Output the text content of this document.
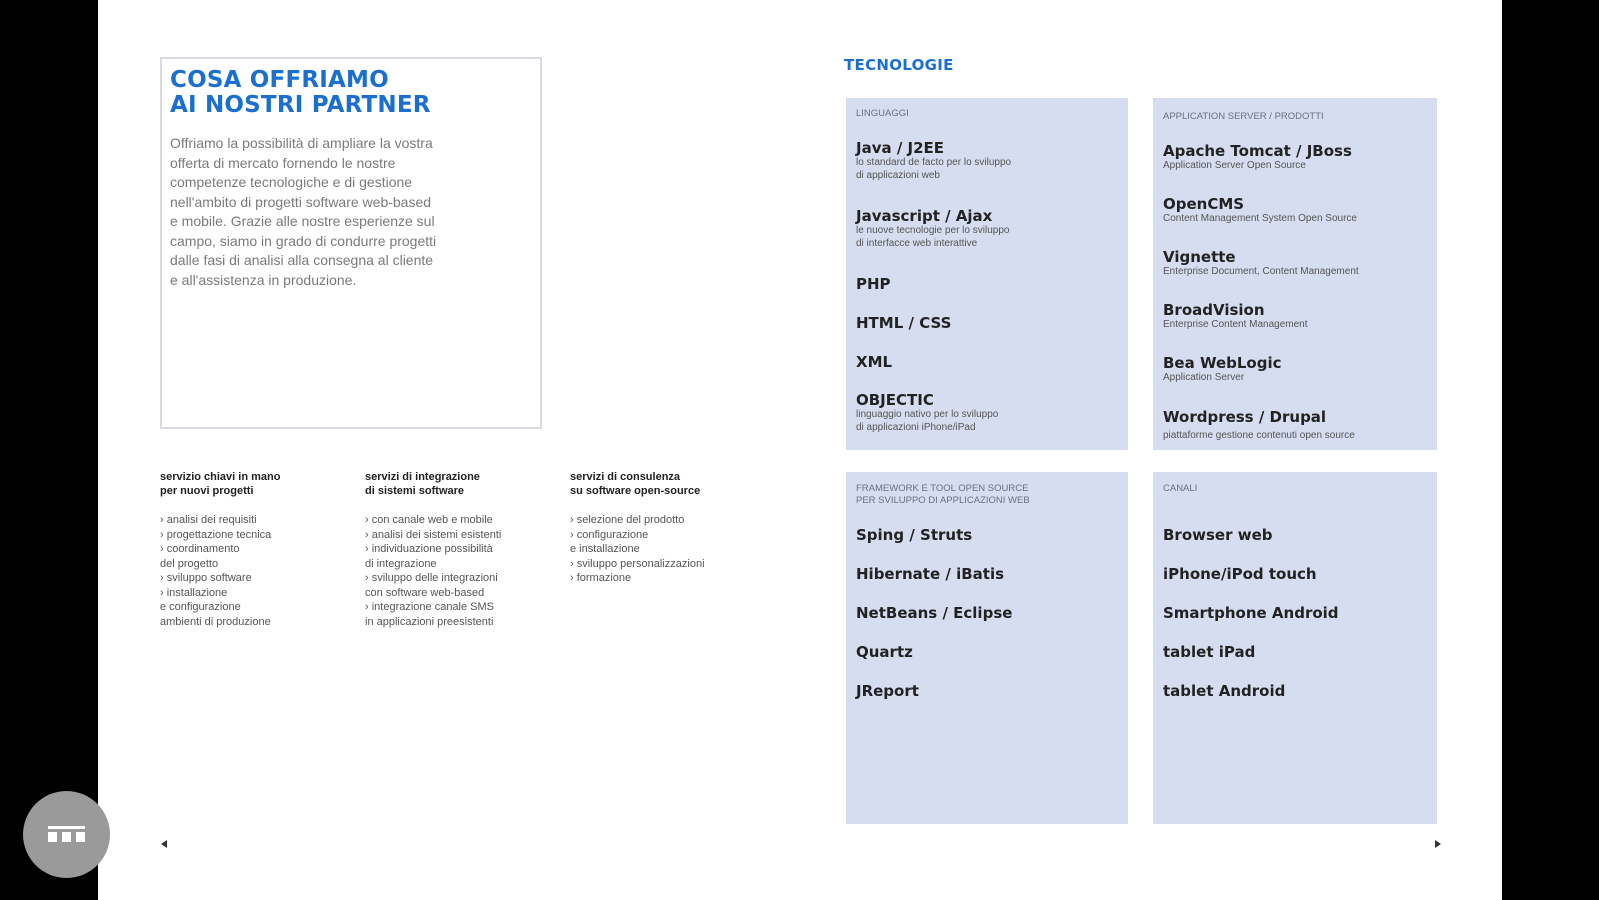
COSA OFFRIAMO
AI NOSTRI PARTNER
Offriamo la possibilità di ampliare la vostra
offerta di mercato fornendo le nostre
competenze tecnologiche e di gestione
nell'ambito di progetti software web-based
e mobile. Grazie alle nostre esperienze sul
campo, siamo in grado di condurre progetti
dalle fasi di analisi alla consegna al cliente
e all'assistenza in produzione.
servizio chiavi in mano
per nuovi progetti
› analisi dei requisiti
› progettazione tecnica
› coordinamento
del progetto
› sviluppo software
› installazione
e configurazione
ambienti di produzione
servizi di integrazione
di sistemi software
› con canale web e mobile
› analisi dei sistemi esistenti
› individuazione possibilità
di integrazione
› sviluppo delle integrazioni
con software web-based
› integrazione canale SMS
in applicazioni preesistenti
servizi di consulenza
su software open-source
› selezione del prodotto
› configurazione
e installazione
› sviluppo personalizzazioni
› formazione
TECNOLOGIE
LINGUAGGI
Java / J2EE
lo standard de facto per lo sviluppo
di applicazioni web
Javascript / Ajax
le nuove tecnologie per lo sviluppo
di interfacce web interattive
PHP
HTML / CSS
XML
OBJECTIC
linguaggio nativo per lo sviluppo
di applicazioni iPhone/iPad
APPLICATION SERVER / PRODOTTI
Apache Tomcat / JBoss
Application Server Open Source
OpenCMS
Content Management System Open Source
Vignette
Enterprise Document, Content Management
BroadVision
Enterprise Content Management
Bea WebLogic
Application Server
Wordpress / Drupal
piattaforme gestione contenuti open source
FRAMEWORK E TOOL OPEN SOURCE
PER SVILUPPO DI APPLICAZIONI WEB
Sping / Struts
Hibernate / iBatis
NetBeans / Eclipse
Quartz
JReport
CANALI
Browser web
iPhone/iPod touch
Smartphone Android
tablet iPad
tablet Android
